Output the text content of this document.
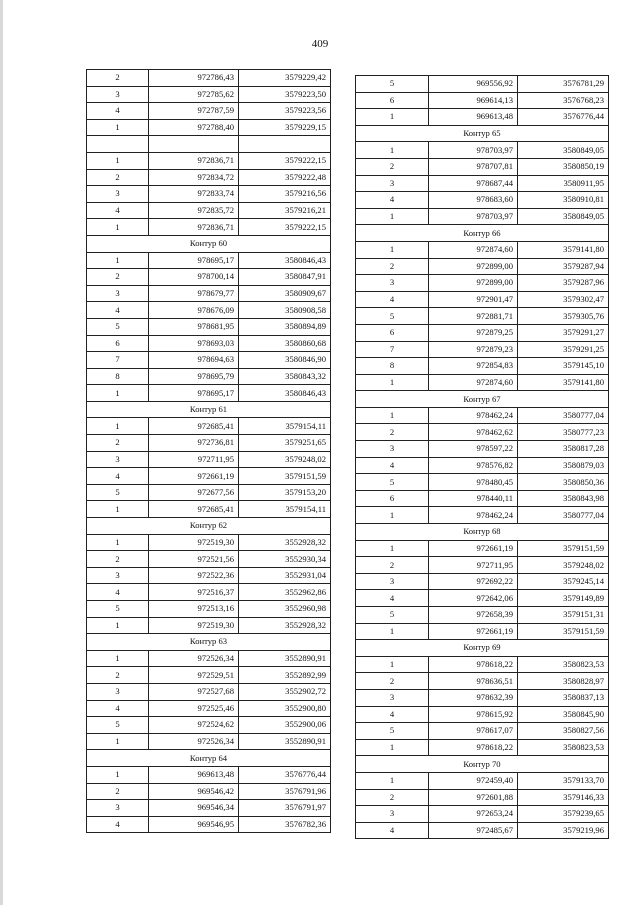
409
2	972786,43	3579229,42
3	972785,62	3579223,50
4	972787,59	3579223,56
1	972788,40	3579229,15

1	972836,71	3579222,15
2	972834,72	3579222,48
3	972833,74	3579216,56
4	972835,72	3579216,21
1	972836,71	3579222,15
Контур 60		
1	978695,17	3580846,43
2	978700,14	3580847,91
3	978679,77	3580909,67
4	978676,09	3580908,58
5	978681,95	3580894,89
6	978693,03	3580860,68
7	978694,63	3580846,90
8	978695,79	3580843,32
1	978695,17	3580846,43
Контур 61		
1	972685,41	3579154,11
2	972736,81	3579251,65
3	972711,95	3579248,02
4	972661,19	3579151,59
5	972677,56	3579153,20
1	972685,41	3579154,11
Контур 62		
1	972519,30	3552928,32
2	972521,56	3552930,34
3	972522,36	3552931,04
4	972516,37	3552962,86
5	972513,16	3552960,98
1	972519,30	3552928,32
Контур 63		
1	972526,34	3552890,91
2	972529,51	3552892,99
3	972527,68	3552902,72
4	972525,46	3552900,80
5	972524,62	3552900,06
1	972526,34	3552890,91
Контур 64		
1	969613,48	3576776,44
2	969546,42	3576791,96
3	969546,34	3576791,97
4	969546,95	3576782,36
5	969556,92	3576781,29
6	969614,13	3576768,23
1	969613,48	3576776,44
Контур 65		
1	978703,97	3580849,05
2	978707,81	3580850,19
3	978687,44	3580911,95
4	978683,60	3580910,81
1	978703,97	3580849,05
Контур 66		
1	972874,60	3579141,80
2	972899,00	3579287,94
3	972899,00	3579287,96
4	972901,47	3579302,47
5	972881,71	3579305,76
6	972879,25	3579291,27
7	972879,23	3579291,25
8	972854,83	3579145,10
1	972874,60	3579141,80
Контур 67		
1	978462,24	3580777,04
2	978462,62	3580777,23
3	978597,22	3580817,28
4	978576,82	3580879,03
5	978480,45	3580850,36
6	978440,11	3580843,98
1	978462,24	3580777,04
Контур 68		
1	972661,19	3579151,59
2	972711,95	3579248,02
3	972692,22	3579245,14
4	972642,06	3579149,89
5	972658,39	3579151,31
1	972661,19	3579151,59
Контур 69		
1	978618,22	3580823,53
2	978636,51	3580828,97
3	978632,39	3580837,13
4	978615,92	3580845,90
5	978617,07	3580827,56
1	978618,22	3580823,53
Контур 70		
1	972459,40	3579133,70
2	972601,88	3579146,33
3	972653,24	3579239,65
4	972485,67	3579219,96
